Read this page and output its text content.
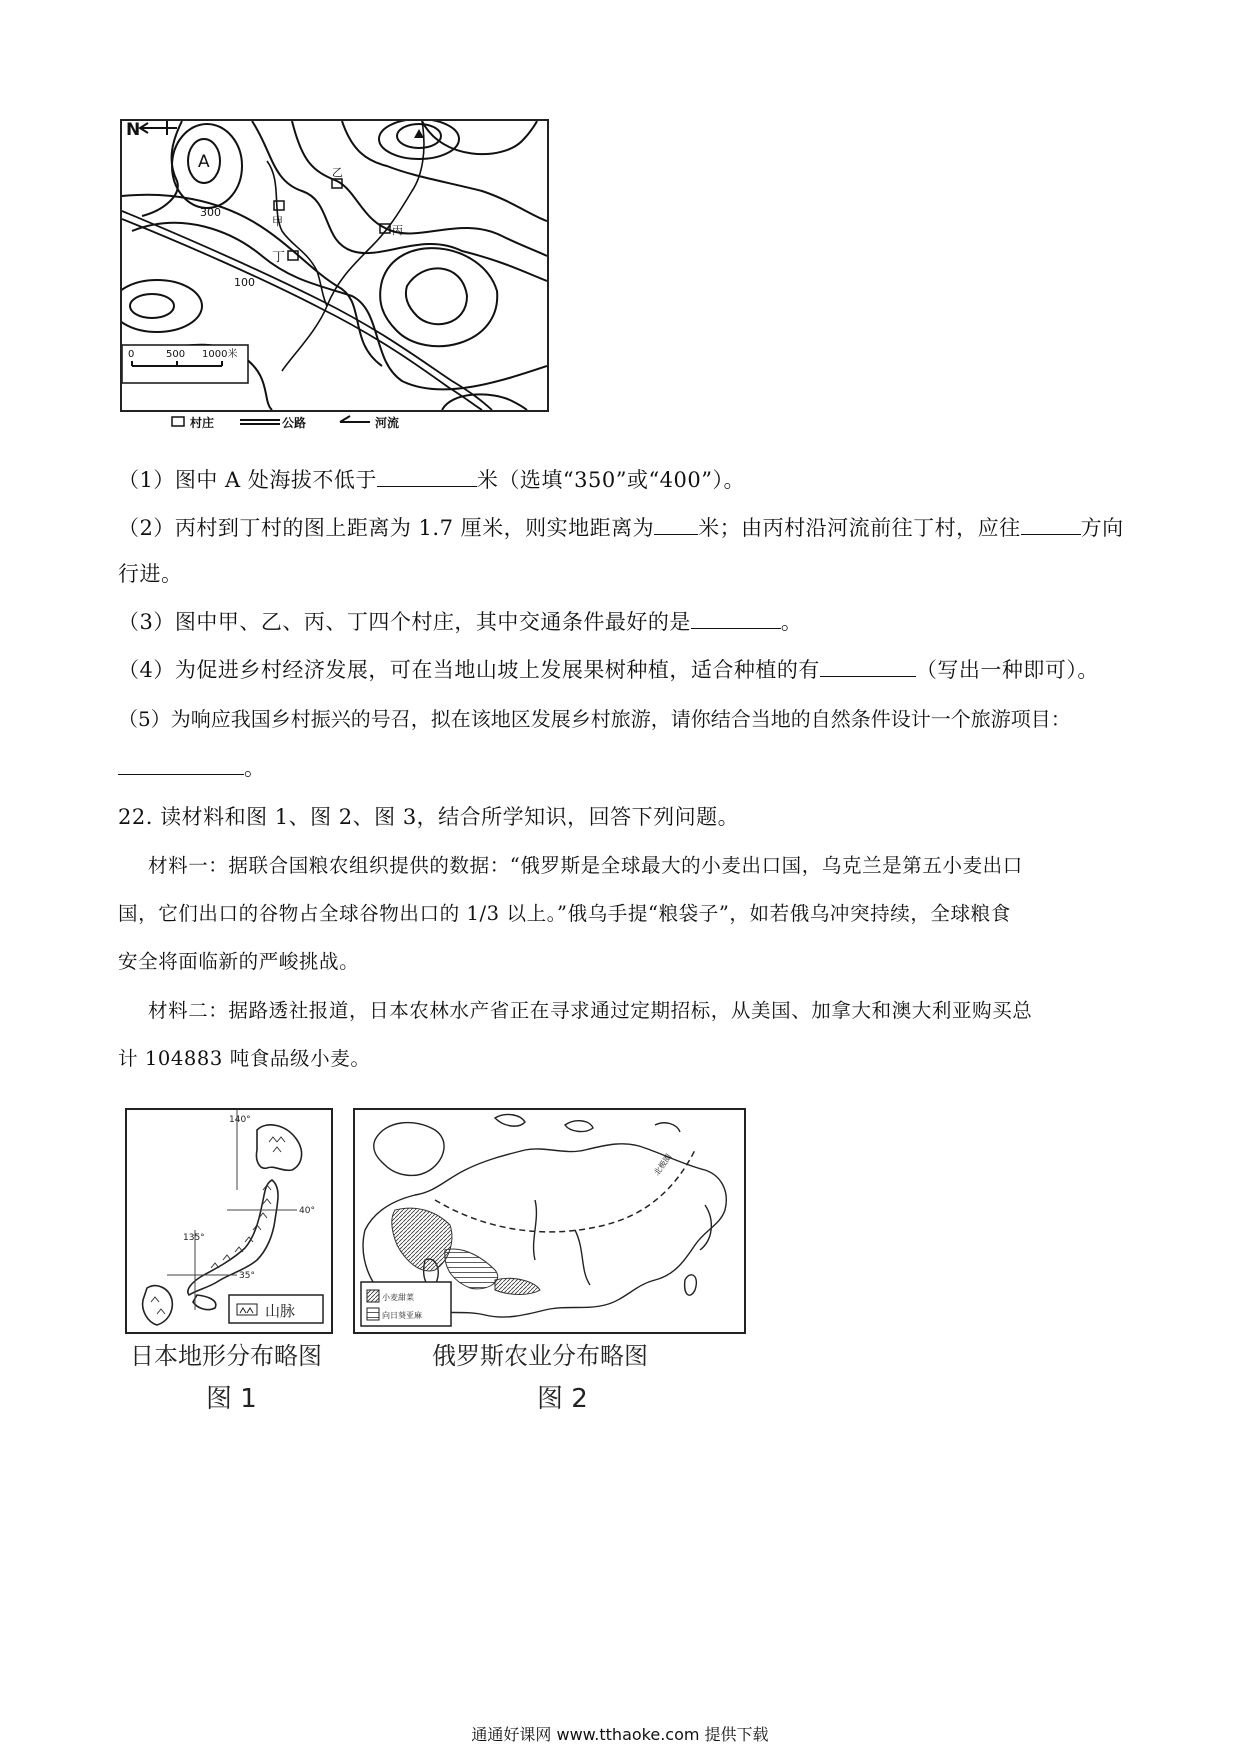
N
A
300
100
甲
乙
丙
丁
0	500 1000米
村庄	公路	河流
（1）图中 A 处海拔不低于	米（选填“350”或“400”）。
（2）丙村到丁村的图上距离为 1.7 厘米，则实地距离为 米；由丙村沿河流前往丁村，应往	方向
行进。
（3）图中甲、乙、丙、丁四个村庄，其中交通条件最好的是	。
（4）为促进乡村经济发展，可在当地山坡上发展果树种植，适合种植的有	（写出一种即可）。
（5）为响应我国乡村振兴的号召，拟在该地区发展乡村旅游，请你结合当地的自然条件设计一个旅游项目：
。
22. 读材料和图 1、图 2、图 3，结合所学知识，回答下列问题。
材料一：据联合国粮农组织提供的数据：“俄罗斯是全球最大的小麦出口国，乌克兰是第五小麦出口
国，它们出口的谷物占全球谷物出口的 1/3 以上。”俄乌手提“粮袋子”，如若俄乌冲突持续，全球粮食
安全将面临新的严峻挑战。
材料二：据路透社报道，日本农林水产省正在寻求通过定期招标，从美国、加拿大和澳大利亚购买总
计 104883 吨食品级小麦。
140°
40°
135°
35°
山脉
日本地形分布略图
图 1
北极圈
小麦甜菜
向日葵亚麻
俄罗斯农业分布略图
图 2
通通好课网 www.tthaoke.com 提供下载
